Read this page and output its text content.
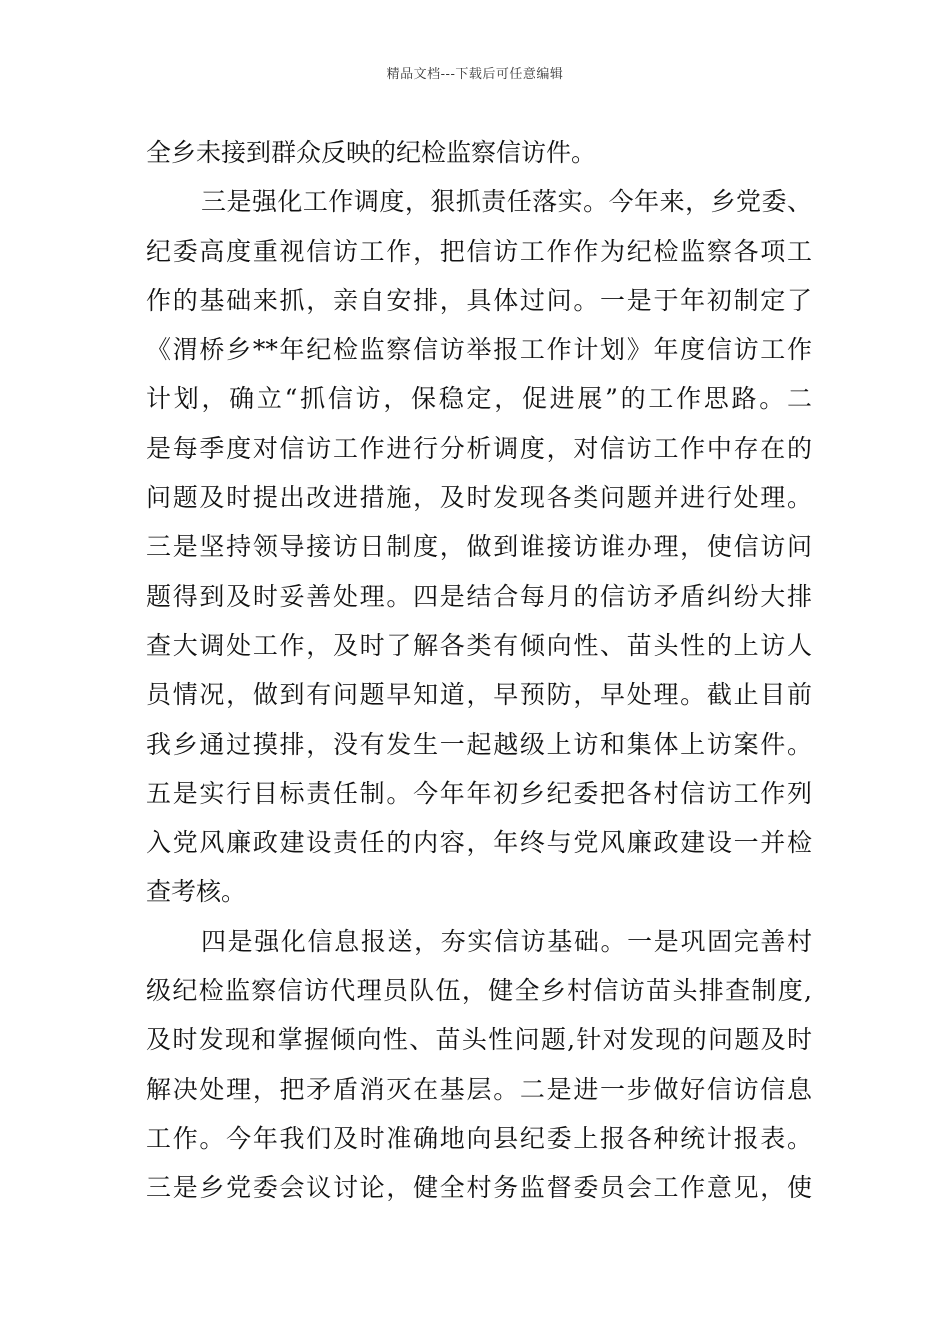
精品文档---下载后可任意编辑
全乡未接到群众反映的纪检监察信访件。
三是强化工作调度，狠抓责任落实。今年来，乡党委、
纪委高度重视信访工作，把信访工作作为纪检监察各项工
作的基础来抓，亲自安排，具体过问。一是于年初制定了
《渭桥乡**年纪检监察信访举报工作计划》年度信访工作
计划，确立“抓信访，保稳定，促进展”的工作思路。二
是每季度对信访工作进行分析调度，对信访工作中存在的
问题及时提出改进措施，及时发现各类问题并进行处理。
三是坚持领导接访日制度，做到谁接访谁办理，使信访问
题得到及时妥善处理。四是结合每月的信访矛盾纠纷大排
查大调处工作，及时了解各类有倾向性、苗头性的上访人
员情况，做到有问题早知道，早预防，早处理。截止目前
我乡通过摸排，没有发生一起越级上访和集体上访案件。
五是实行目标责任制。今年年初乡纪委把各村信访工作列
入党风廉政建设责任的内容，年终与党风廉政建设一并检
查考核。
四是强化信息报送，夯实信访基础。一是巩固完善村
级纪检监察信访代理员队伍，健全乡村信访苗头排查制度,
及时发现和掌握倾向性、苗头性问题,针对发现的问题及时
解决处理，把矛盾消灭在基层。二是进一步做好信访信息
工作。今年我们及时准确地向县纪委上报各种统计报表。
三是乡党委会议讨论，健全村务监督委员会工作意见，使
